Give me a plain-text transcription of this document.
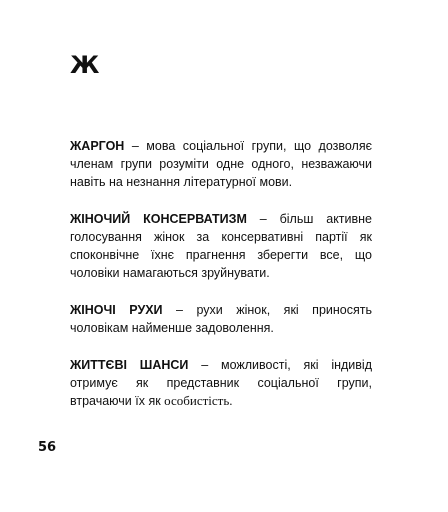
Ж

ЖАРГОН – мова соціальної групи, що дозволяє членам групи розуміти одне одного, незважаючи навіть на незнання літературної мови.

ЖІНОЧИЙ КОНСЕРВАТИЗМ – більш активне голосування жінок за консервативні партії як споконвічне їхнє прагнення зберегти все, що чоловіки намагаються зруйнувати.

ЖІНОЧІ РУХИ – рухи жінок, які приносять чоловікам найменше задоволення.

ЖИТТЄВІ ШАНСИ – можливості, які індивід отримує як представник соціальної групи, втрачаючи їх як особистість.

56
